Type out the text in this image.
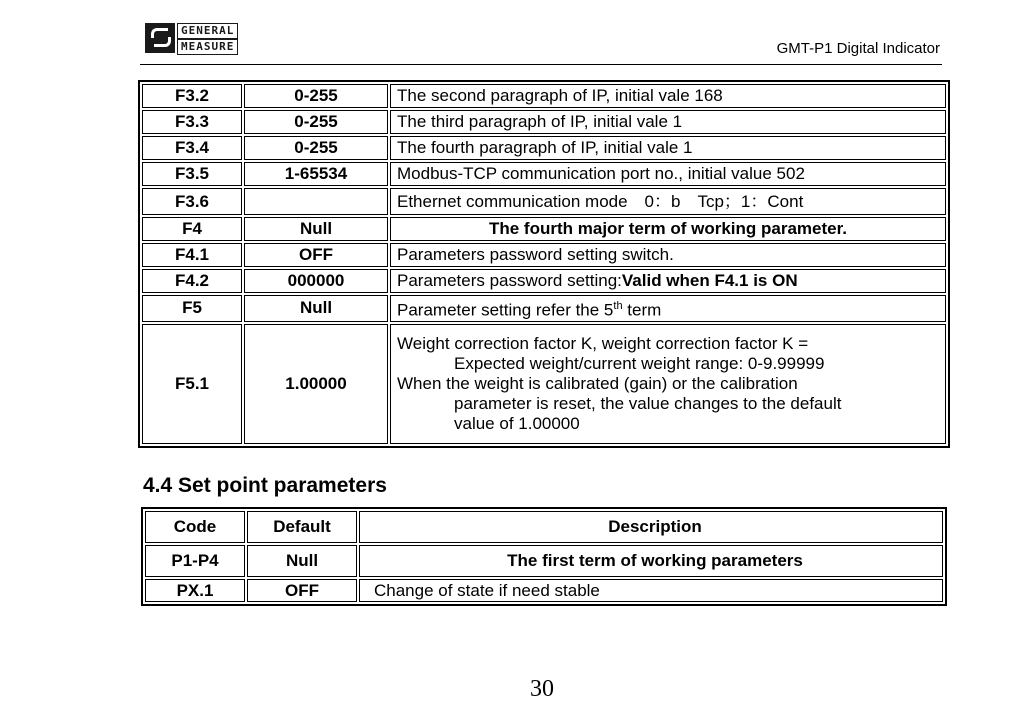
GENERAL
MEASURE	GMT-P1 Digital Indicator
F3.2	0-255	The second paragraph of IP, initial vale 168
F3.3	0-255	The third paragraph of IP, initial vale 1
F3.4	0-255	The fourth paragraph of IP, initial vale 1
F3.5	1-65534	Modbus-TCP communication port no., initial value 502
F3.6		Ethernet communication mode　0：b　Tcp；1：Cont
F4	Null	The fourth major term of working parameter.
F4.1	OFF	Parameters password setting switch.
F4.2	000000	Parameters password setting:Valid when F4.1 is ON
F5	Null	Parameter setting refer the 5th term
F5.1	1.00000	Weight correction factor K, weight correction factor K =
Expected weight/current weight range: 0-9.99999
When the weight is calibrated (gain) or the calibration
parameter is reset, the value changes to the default
value of 1.00000
4.4 Set point parameters
Code	Default	Description
P1-P4	Null	The first term of working parameters
PX.1	OFF	Change of state if need stable
30
